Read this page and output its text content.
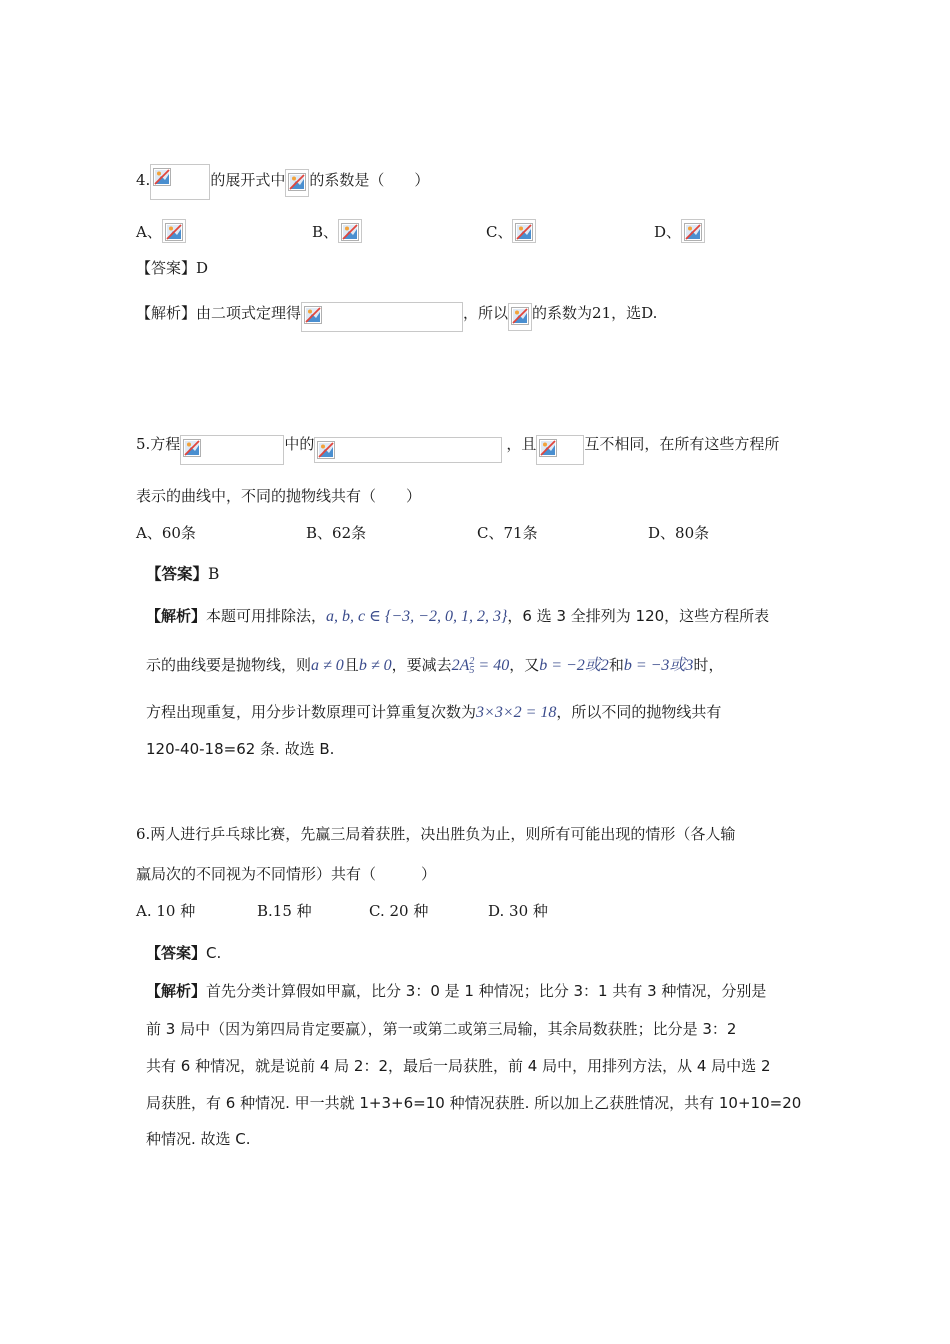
4.	的展开式中 的系数是（　　）
A、	B、	C、	D、
【答案】D
【解析】由二项式定理得	，所以 的系数为21，选D.
5.方程	中的	，且	互不相同，在所有这些方程所
表示的曲线中，不同的抛物线共有（　　）
A、60条	B、62条	C、71条	D、80条
【答案】B
【解析】本题可用排除法，a, b, c ∈ {−3, −2, 0, 1, 2, 3}，6 选 3 全排列为 120，这些方程所表
示的曲线要是抛物线，则a ≠ 0且b ≠ 0，要减去2A 2
5 = 40，又b = −2或2和b = −3或3时，
方程出现重复，用分步计数原理可计算重复次数为3×3×2 = 18，所以不同的抛物线共有
120-40-18=62 条. 故选 B.
6.两人进行乒乓球比赛，先赢三局着获胜，决出胜负为止，则所有可能出现的情形（各人输
赢局次的不同视为不同情形）共有（　　　）
A. 10 种	B.15 种	C. 20 种	D. 30 种
【答案】C.
【解析】首先分类计算假如甲赢，比分 3：0 是 1 种情况；比分 3：1 共有 3 种情况，分别是
前 3 局中（因为第四局肯定要赢），第一或第二或第三局输，其余局数获胜；比分是 3：2
共有 6 种情况，就是说前 4 局 2：2，最后一局获胜，前 4 局中，用排列方法，从 4 局中选 2
局获胜，有 6 种情况. 甲一共就 1+3+6=10 种情况获胜. 所以加上乙获胜情况，共有 10+10=20
种情况. 故选 C.
